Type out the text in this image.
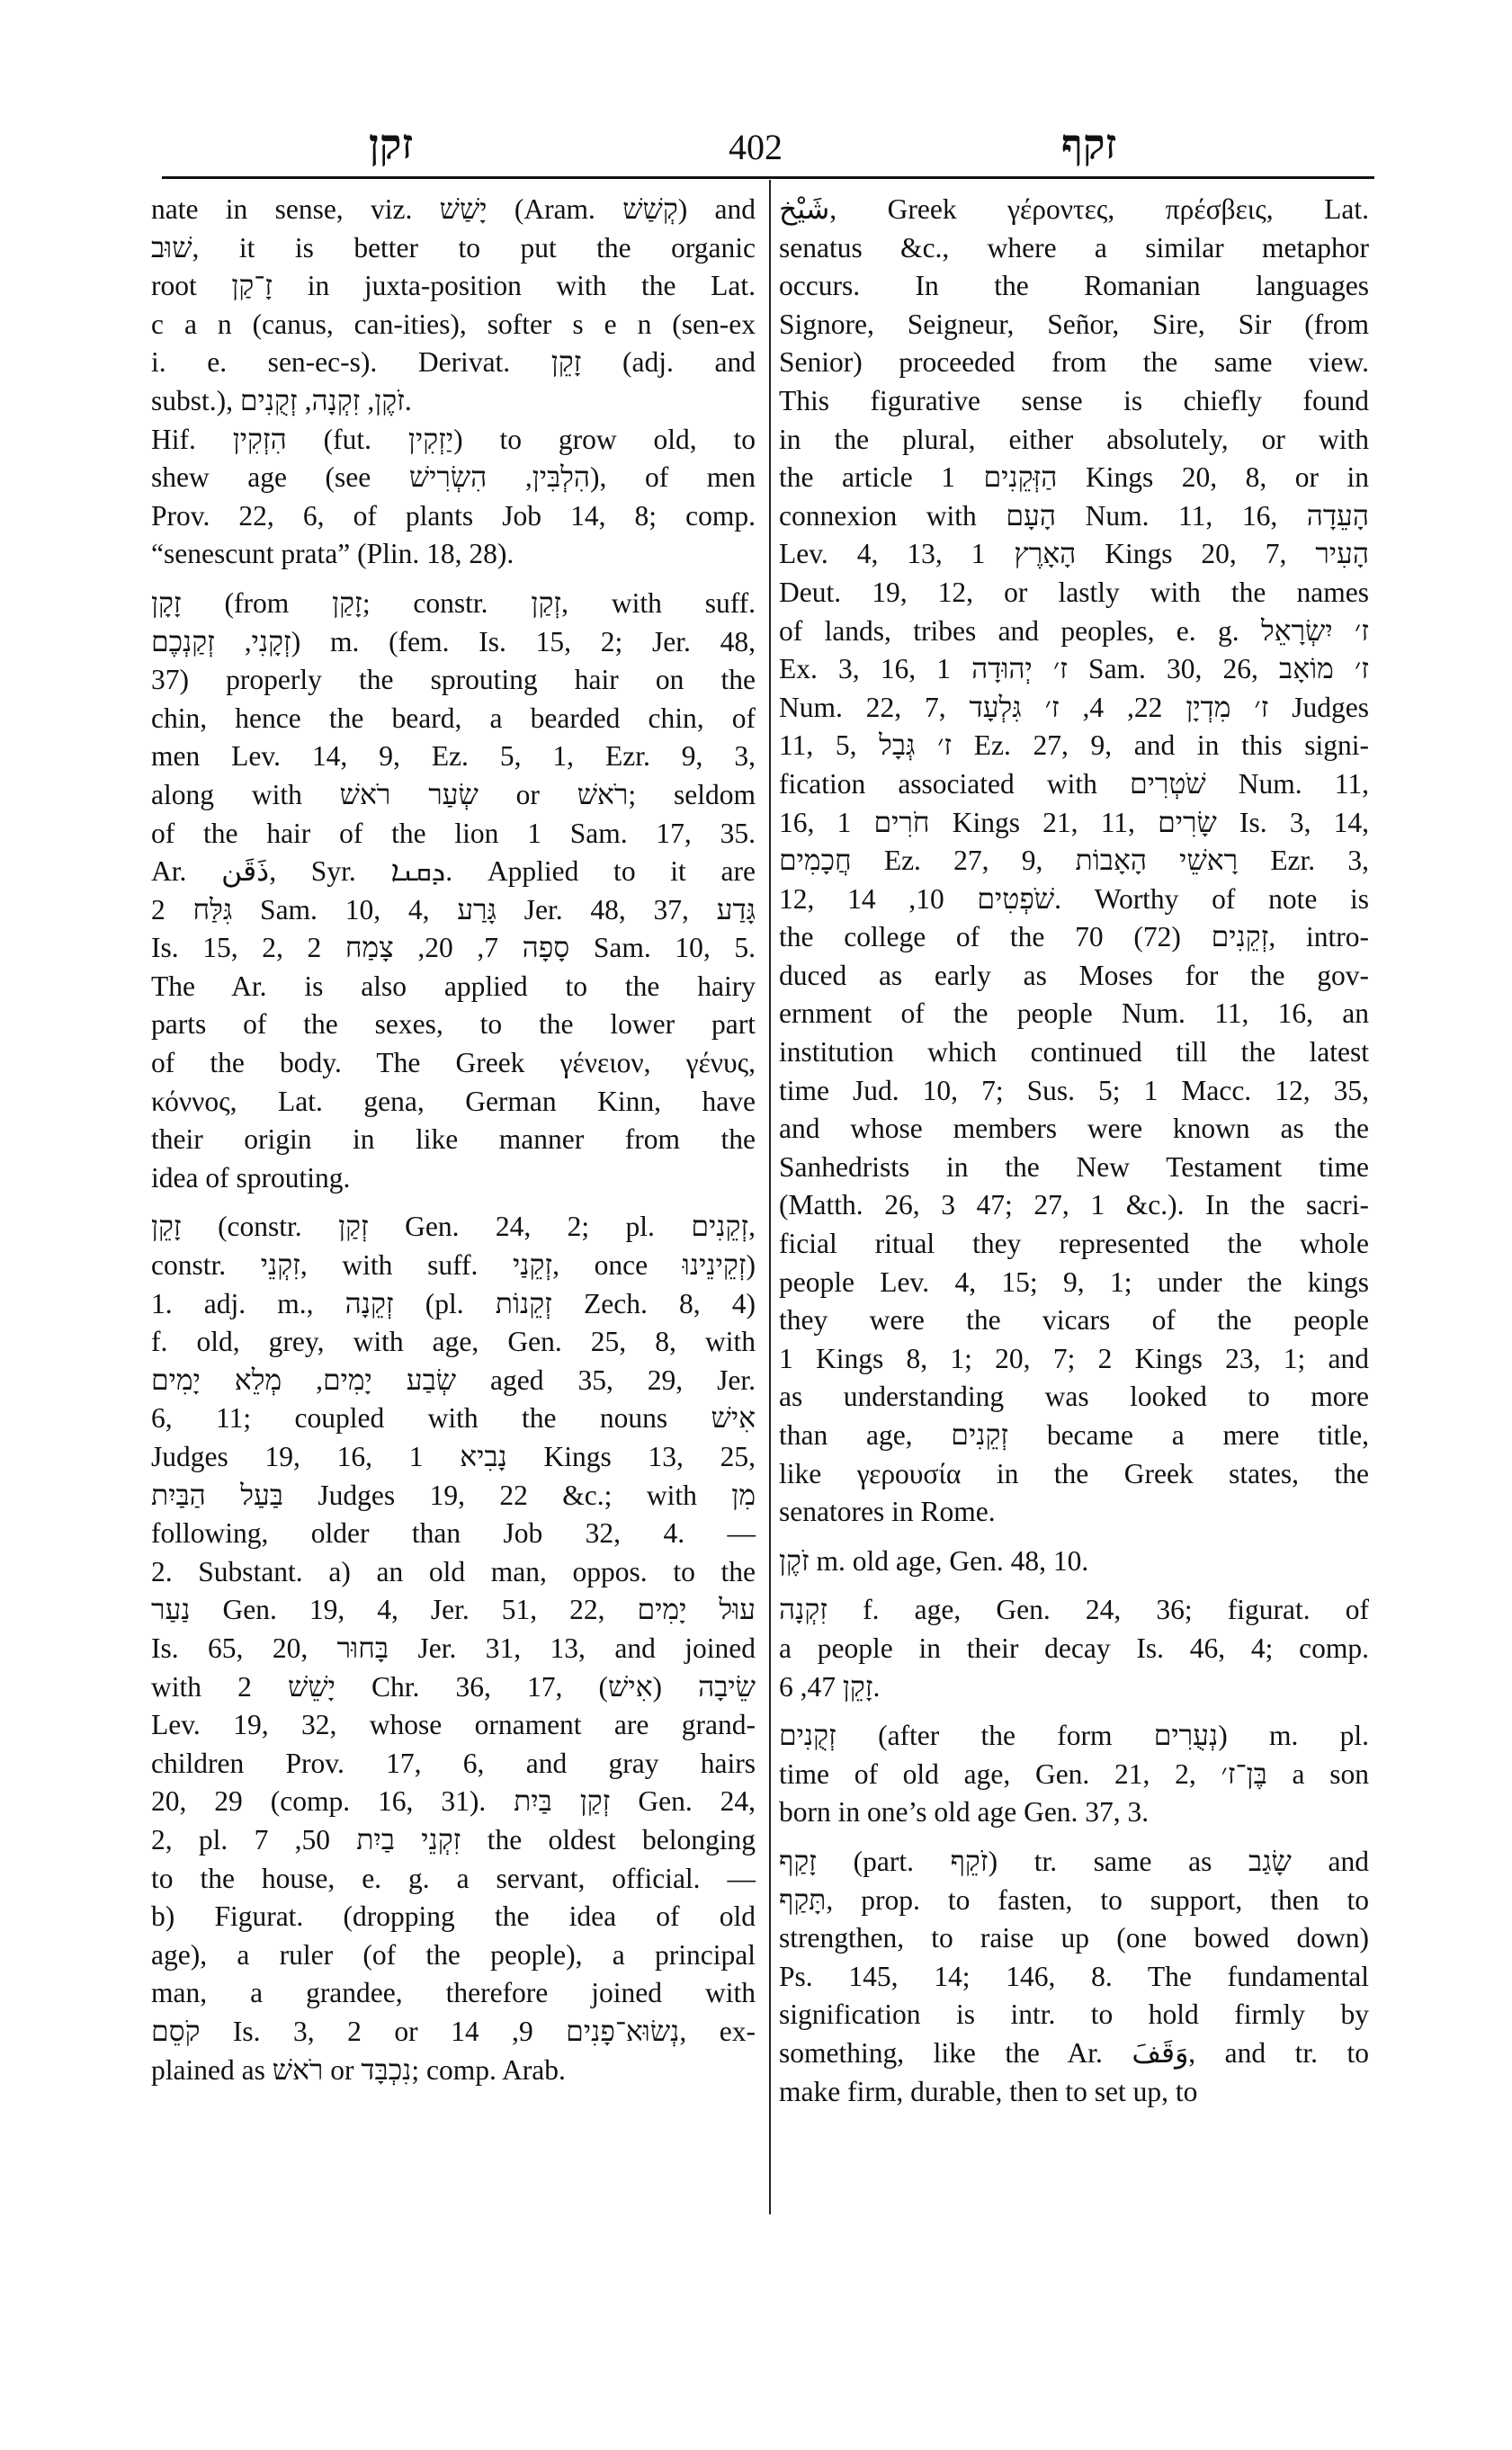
זקן	402	זקף
nate in sense, viz. יָשַׁשׁ (Aram. קְשַׁשׁ) and
שׁוּב, it is better to put the organic
root זָ־קַן in juxta-position with the Lat.
c a n (canus, can-ities), softer s e n (sen-ex
i. e. sen-ec-s). Derivat. זָקֵן (adj. and
subst.), זֹקֶן, זִקְנָה, זְקֻנִים.
Hif. הִזְקִין (fut. יַזְקִין) to grow old, to
shew age (see הִלְבִּין, הִשְׂרִישׁ), of men
Prov. 22, 6, of plants Job 14, 8; comp.
“senescunt prata” (Plin. 18, 28).
זָקָן (from זָקַן; constr. זְקַן, with suff.
זְקָנִי, זְקַנְכֶם) m. (fem. Is. 15, 2; Jer. 48,
37) properly the sprouting hair on the
chin, hence the beard, a bearded chin, of
men Lev. 14, 9, Ez. 5, 1, Ezr. 9, 3,
along with שְׂעַר רֹאשׁ or רֹאשׁ; seldom
of the hair of the lion 1 Sam. 17, 35.
Ar. ذَقَن, Syr. ܕܩܢܐ. Applied to it are
גִּלַּח 2 Sam. 10, 4, גָּרַע Jer. 48, 37, גָּדַע
Is. 15, 2, סָפָה 7, 20, צָמַח 2 Sam. 10, 5.
The Ar. is also applied to the hairy
parts of the sexes, to the lower part
of the body. The Greek γένειον, γένυς,
κόννος, Lat. gena, German Kinn, have
their origin in like manner from the
idea of sprouting.
זָקֵן (constr. זְקַן Gen. 24, 2; pl. זְקֵנִים,
constr. זִקְנֵי, with suff. זְקֵנַי, once זְקֵינֵינוּ)
1. adj. m., זְקֵנָה (pl. זְקֵנוֹת Zech. 8, 4)
f. old, grey, with age, Gen. 25, 8, with
שְׂבַע יָמִים, מְלֵא יָמִים aged 35, 29, Jer.
6, 11; coupled with the nouns אִישׁ
Judges 19, 16, נָבִיא 1 Kings 13, 25,
בַּעַל הַבַּיִת Judges 19, 22 &c.; with מִן
following, older than Job 32, 4. —
2. Substant. a) an old man, oppos. to the
נַעַר Gen. 19, 4, Jer. 51, 22, עוּל יָמִים
Is. 65, 20, בָּחוּר Jer. 31, 13, and joined
with יָשֵׁשׁ 2 Chr. 36, 17, שֵׂיבָה (אִישׁ)
Lev. 19, 32, whose ornament are grand-
children Prov. 17, 6, and gray hairs
20, 29 (comp. 16, 31). זְקַן בַּיִת Gen. 24,
2, pl. זִקְנֵי בַיִת 50, 7 the oldest belonging
to the house, e. g. a servant, official. —
b) Figurat. (dropping the idea of old
age), a ruler (of the people), a principal
man, a grandee, therefore joined with
קֹסֵם Is. 3, 2 or נְשׂוּא־פָנִים 9, 14, ex-
plained as רֹאשׁ or נִכְבָּד; comp. Arab.
شَيْخ, Greek γέροντες, πρέσβεις, Lat.
senatus &c., where a similar metaphor
occurs. In the Romanian languages
Signore, Seigneur, Señor, Sire, Sir (from
Senior) proceeded from the same view.
This figurative sense is chiefly found
in the plural, either absolutely, or with
the article הַזְּקֵנִים 1 Kings 20, 8, or in
connexion with הָעָם Num. 11, 16, הָעֵדָה
Lev. 4, 13, הָאָרֶץ 1 Kings 20, 7, הָעִיר
Deut. 19, 12, or lastly with the names
of lands, tribes and peoples, e. g. ז׳ יִשְׂרָאֵל
Ex. 3, 16, ז׳ יְהוּדָה 1 Sam. 30, 26, ז׳ מוֹאָב
Num. 22, 7, ז׳ מִדְיָן 22, 4, ז׳ גִּלְעָד Judges
11, 5, ז׳ גְּבָל Ez. 27, 9, and in this signi-
fication associated with שֹׁטְרִים Num. 11,
16, חֹרִים 1 Kings 21, 11, שָׂרִים Is. 3, 14,
חֲכָמִים Ez. 27, 9, רָאשֵׁי הָאָבוֹת Ezr. 3,
12, שֹׁפְטִים 10, 14. Worthy of note is
the college of the 70 (72) זְקֵנִים, intro-
duced as early as Moses for the gov-
ernment of the people Num. 11, 16, an
institution which continued till the latest
time Jud. 10, 7; Sus. 5; 1 Macc. 12, 35,
and whose members were known as the
Sanhedrists in the New Testament time
(Matth. 26, 3 47; 27, 1 &c.). In the sacri-
ficial ritual they represented the whole
people Lev. 4, 15; 9, 1; under the kings
they were the vicars of the people
1 Kings 8, 1; 20, 7; 2 Kings 23, 1; and
as understanding was looked to more
than age, זְקֵנִים became a mere title,
like γερουσία in the Greek states, the
senatores in Rome.
זֹקֶן m. old age, Gen. 48, 10.
זִקְנָה f. age, Gen. 24, 36; figurat. of
a people in their decay Is. 46, 4; comp.
זָקֵן 47, 6.
זְקֻנִים (after the form נְעֻרִים) m. pl.
time of old age, Gen. 21, 2, בֶּן־ז׳ a son
born in one’s old age Gen. 37, 3.
זָקַף (part. זֹקֵף) tr. same as שָׂגַב and
תָּקַף, prop. to fasten, to support, then to
strengthen, to raise up (one bowed down)
Ps. 145, 14; 146, 8. The fundamental
signification is intr. to hold firmly by
something, like the Ar. وَقَفَ, and tr. to
make firm, durable, then to set up, to
